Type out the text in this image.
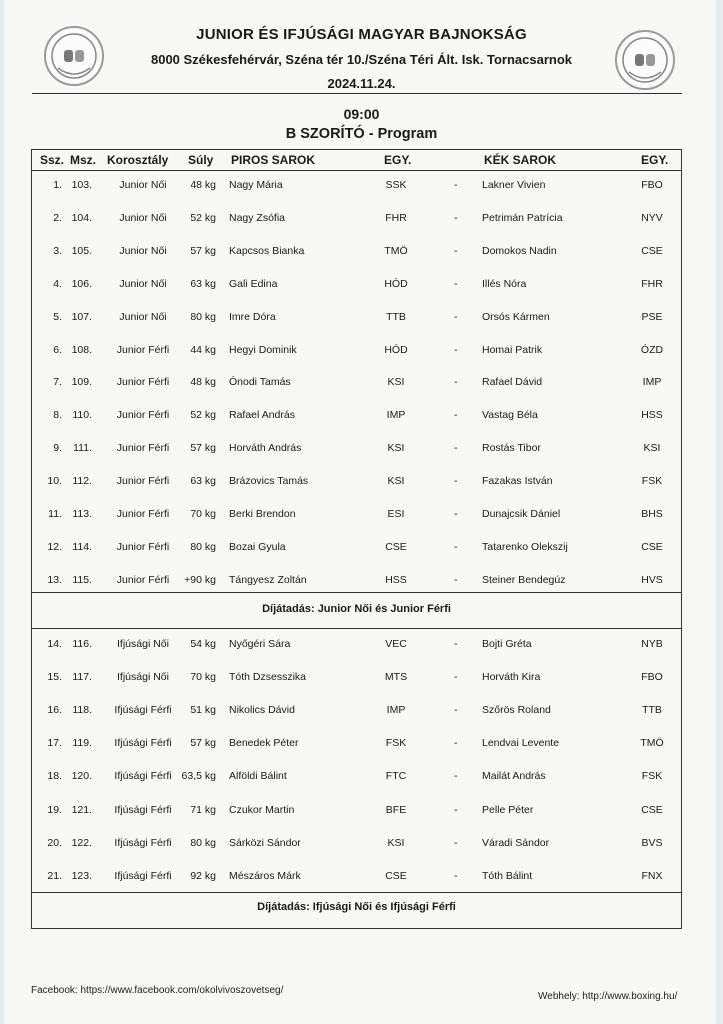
JUNIOR ÉS IFJÚSÁGI MAGYAR BAJNOKSÁG
8000 Székesfehérvár, Széna tér 10./Széna Téri Ált. Isk. Tornacsarnok
2024.11.24.
09:00
B SZORÍTÓ - Program
Ssz. Msz. Korosztály Súly PIROS SAROK	EGY.	KÉK SAROK	EGY.
1. 103.	Junior Női	48 kg Nagy Mária	SSK	- Lakner Vivien	FBO
2. 104.	Junior Női	52 kg Nagy Zsófia	FHR	- Petrimán Patrícia	NYV
3. 105.	Junior Női	57 kg Kapcsos Bianka	TMÖ	- Domokos Nadin	CSE
4. 106.	Junior Női	63 kg Gali Edina	HÓD	- Illés Nóra	FHR
5. 107.	Junior Női	80 kg Imre Dóra	TTB	- Orsós Kármen	PSE
6. 108.	Junior Férfi	44 kg Hegyi Dominik	HÓD	- Homai Patrik	ÓZD
7. 109.	Junior Férfi	48 kg Ónodi Tamás	KSI	- Rafael Dávid	IMP
8. 110.	Junior Férfi	52 kg Rafael András	IMP	- Vastag Béla	HSS
9.	111.	Junior Férfi	57 kg Horváth András	KSI	- Rostás Tibor	KSI
10. 112.	Junior Férfi	63 kg Brázovics Tamás	KSI	- Fazakas István	FSK
11. 113.	Junior Férfi	70 kg Berki Brendon	ESI	- Dunajcsik Dániel	BHS
12. 114.	Junior Férfi	80 kg Bozai Gyula	CSE	- Tatarenko Olekszij	CSE
13. 115.	Junior Férfi	+90 kg Tángyesz Zoltán	HSS	- Steiner Bendegúz	HVS
14. 116.	Ifjúsági Női	54 kg Nyőgéri Sára	VEC	- Bojti Gréta	NYB
15. 117.	Ifjúsági Női	70 kg Tóth Dzsesszika	MTS	- Horváth Kira	FBO
16. 118.	Ifjúsági Férfi	51 kg Nikolics Dávid	IMP	- Szőrös Roland	TTB
17. 119.	Ifjúsági Férfi	57 kg Benedek Péter	FSK	- Lendvai Levente	TMÖ
18. 120.	Ifjúsági Férfi 63,5 kg Alföldi Bálint	FTC	- Mailát András	FSK
19. 121.	Ifjúsági Férfi	71 kg Czukor Martin	BFE	- Pelle Péter	CSE
20. 122.	Ifjúsági Férfi	80 kg Sárközi Sándor	KSI	- Váradi Sándor	BVS
21. 123.	Ifjúsági Férfi	92 kg Mészáros Márk	CSE	- Tóth Bálint	FNX
Díjátadás: Junior Női és Junior Férfi
Díjátadás: Ifjúsági Női és Ifjúsági Férfi
Facebook: https://www.facebook.com/okolvivoszovetseg/
Webhely: http://www.boxing.hu/
